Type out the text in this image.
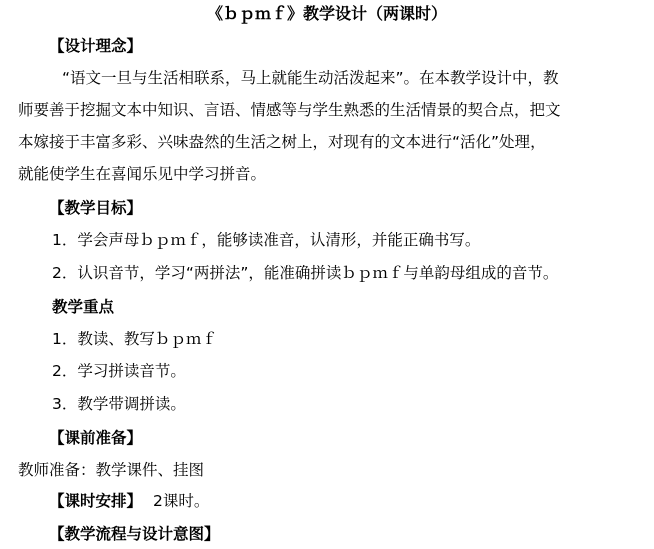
《ｂｐｍｆ》教学设计（两课时）
【设计理念】
“语文一旦与生活相联系，马上就能生动活泼起来”。在本教学设计中，教
师要善于挖掘文本中知识、言语、情感等与学生熟悉的生活情景的契合点，把文
本嫁接于丰富多彩、兴味盎然的生活之树上，对现有的文本进行“活化”处理，
就能使学生在喜闻乐见中学习拼音。
【教学目标】
1．学会声母ｂｐｍｆ，能够读准音，认清形，并能正确书写。
2．认识音节，学习“两拼法”，能准确拼读ｂｐｍｆ与单韵母组成的音节。
教学重点
1．教读、教写ｂｐｍｆ
2．学习拼读音节。
3．教学带调拼读。
【课前准备】
教师准备：教学课件、挂图
【课时安排】 2课时。
【教学流程与设计意图】
